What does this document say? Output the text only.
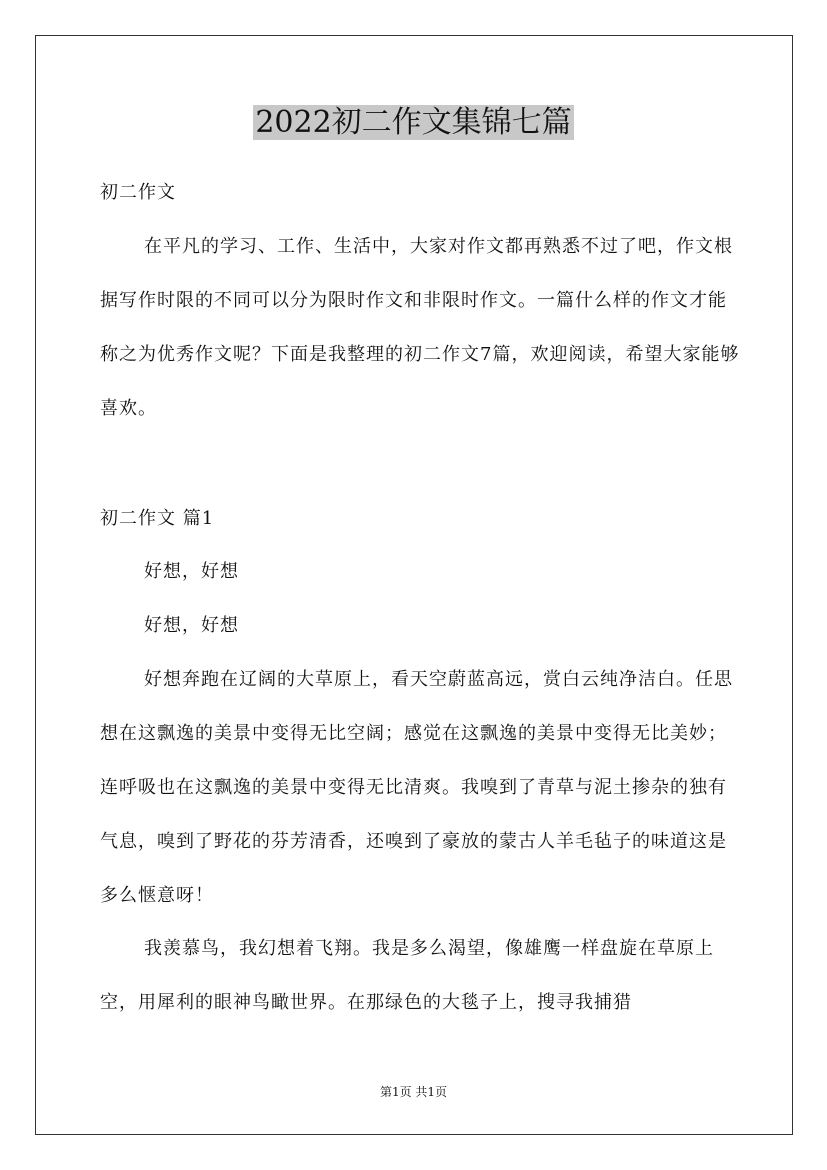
2022初二作文集锦七篇

初二作文

在平凡的学习、工作、生活中，大家对作文都再熟悉不过了吧，作文根据写作时限的不同可以分为限时作文和非限时作文。一篇什么样的作文才能称之为优秀作文呢？下面是我整理的初二作文7篇，欢迎阅读，希望大家能够喜欢。

初二作文 篇1

好想，好想

好想，好想

好想奔跑在辽阔的大草原上，看天空蔚蓝高远，赏白云纯净洁白。任思想在这飘逸的美景中变得无比空阔；感觉在这飘逸的美景中变得无比美妙；连呼吸也在这飘逸的美景中变得无比清爽。我嗅到了青草与泥土掺杂的独有气息，嗅到了野花的芬芳清香，还嗅到了豪放的蒙古人羊毛毡子的味道这是多么惬意呀！

我羡慕鸟，我幻想着飞翔。我是多么渴望，像雄鹰一样盘旋在草原上空，用犀利的眼神鸟瞰世界。在那绿色的大毯子上，搜寻我捕猎

第1页 共1页
